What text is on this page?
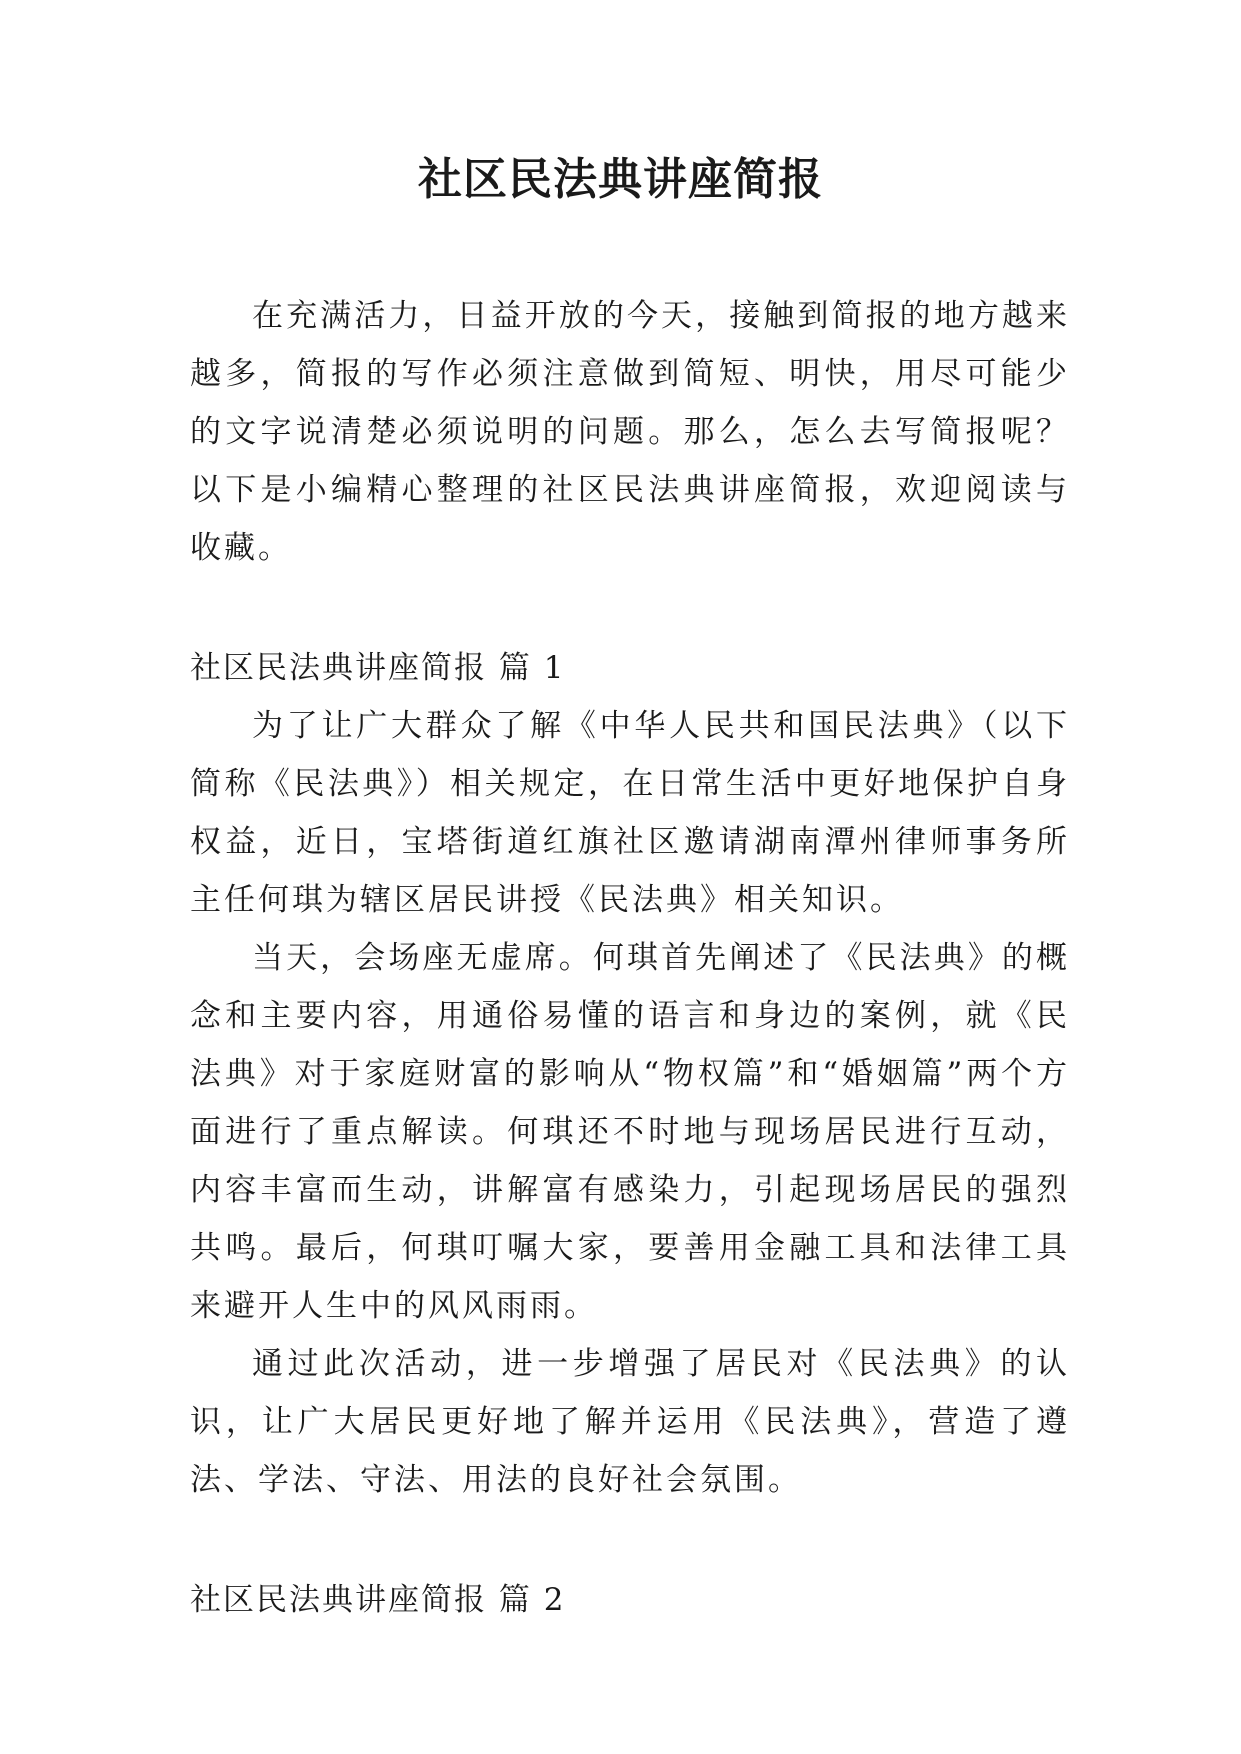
社区民法典讲座简报

在充满活力，日益开放的今天，接触到简报的地方越来越多，简报的写作必须注意做到简短、明快，用尽可能少的文字说清楚必须说明的问题。那么，怎么去写简报呢？以下是小编精心整理的社区民法典讲座简报，欢迎阅读与收藏。

社区民法典讲座简报 篇 1

为了让广大群众了解《中华人民共和国民法典》（以下简称《民法典》）相关规定，在日常生活中更好地保护自身权益，近日，宝塔街道红旗社区邀请湖南潭州律师事务所主任何琪为辖区居民讲授《民法典》相关知识。

当天，会场座无虚席。何琪首先阐述了《民法典》的概念和主要内容，用通俗易懂的语言和身边的案例，就《民法典》对于家庭财富的影响从“物权篇”和“婚姻篇”两个方面进行了重点解读。何琪还不时地与现场居民进行互动，内容丰富而生动，讲解富有感染力，引起现场居民的强烈共鸣。最后，何琪叮嘱大家，要善用金融工具和法律工具来避开人生中的风风雨雨。

通过此次活动，进一步增强了居民对《民法典》的认识，让广大居民更好地了解并运用《民法典》，营造了遵法、学法、守法、用法的良好社会氛围。

社区民法典讲座简报 篇 2
